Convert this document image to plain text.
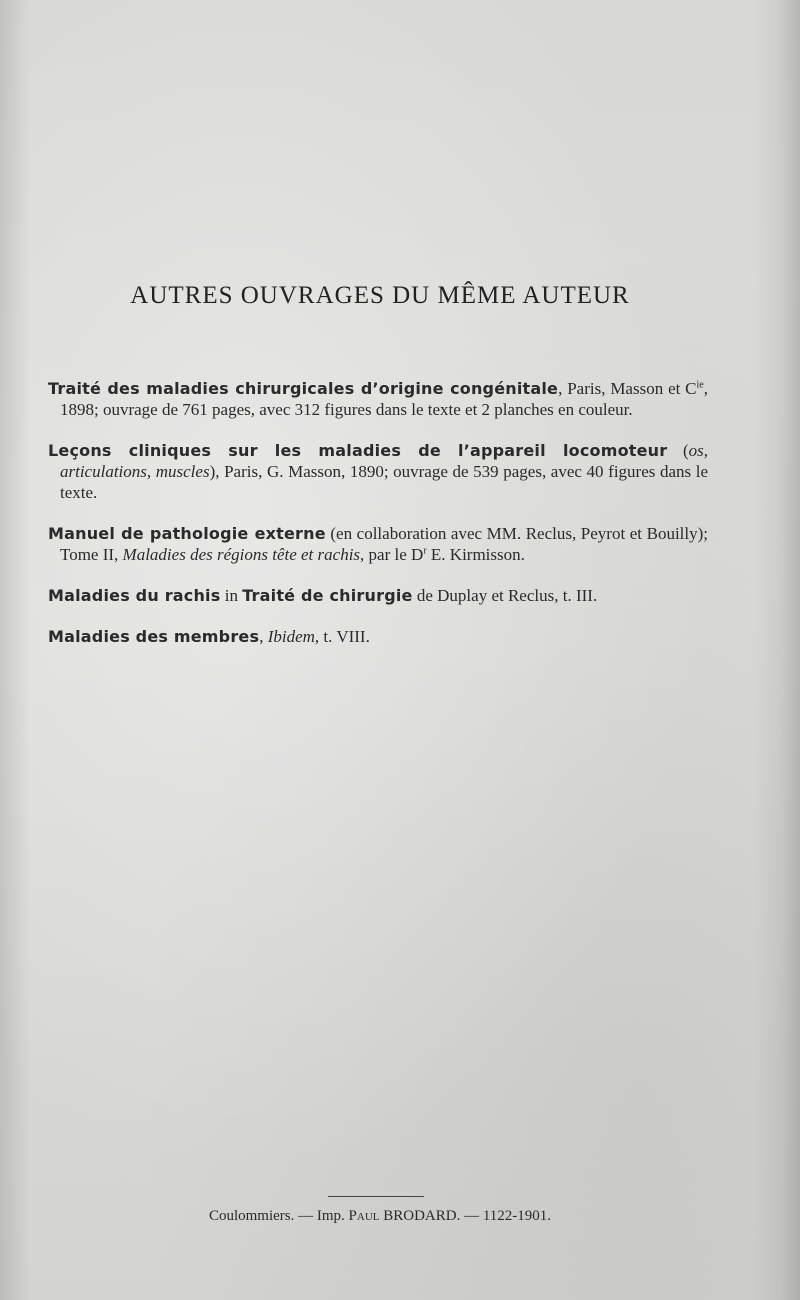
AUTRES OUVRAGES DU MÊME AUTEUR

Traité des maladies chirurgicales d’origine congénitale, Paris, Masson et $C^{ie}$, 1898; ouvrage de 761 pages, avec 312 figures dans le texte et 2 planches en couleur.

Leçons cliniques sur les maladies de l’appareil locomoteur (os, articulations, muscles), Paris, G. Masson, 1890; ouvrage de 539 pages, avec 40 figures dans le texte.

Manuel de pathologie externe (en collaboration avec MM. Reclus, Peyrot et Bouilly); Tome II, Maladies des régions tête et rachis, par le $D^r$ E. Kirmisson.

Maladies du rachis in Traité de chirurgie de Duplay et Reclus, t. III.

Maladies des membres, Ibidem, t. VIII.

Coulommiers. — Imp. Paul BRODARD. — 1122-1901.
